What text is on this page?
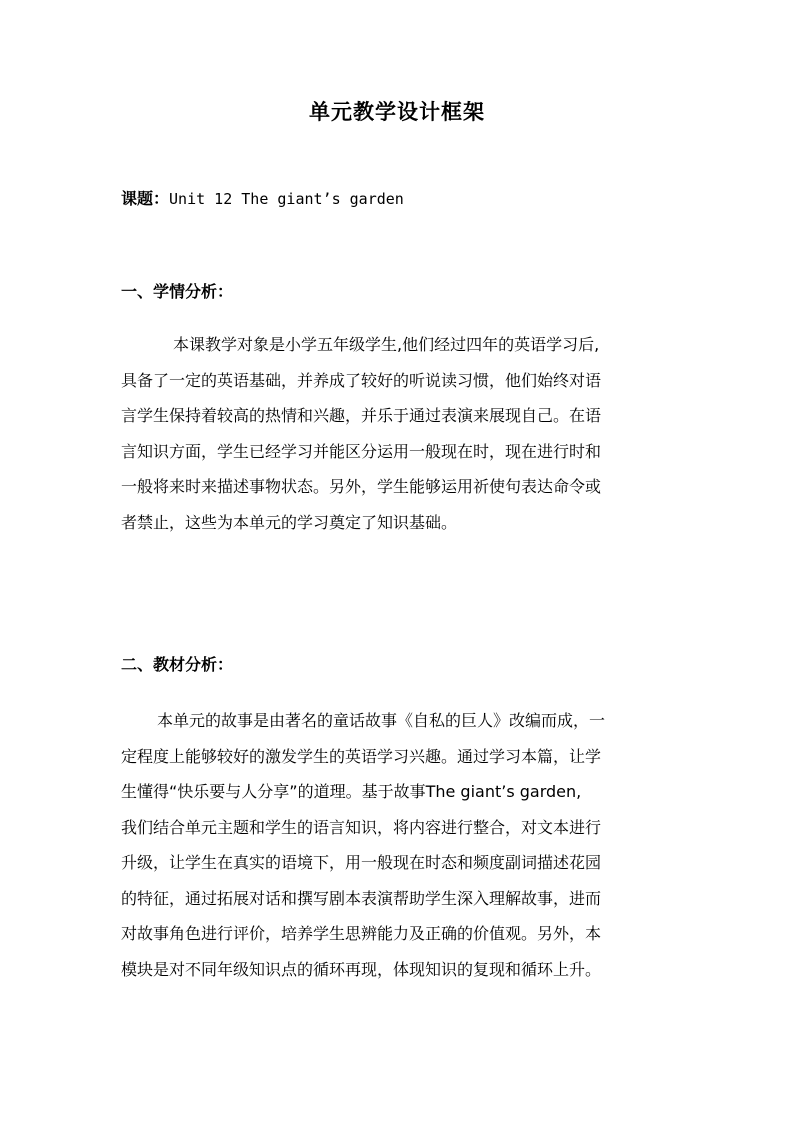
单元教学设计框架
课题：Unit 12 The giant’s garden
一、学情分析：
本课教学对象是小学五年级学生,他们经过四年的英语学习后,
具备了一定的英语基础，并养成了较好的听说读习惯，他们始终对语
言学生保持着较高的热情和兴趣，并乐于通过表演来展现自己。在语
言知识方面，学生已经学习并能区分运用一般现在时，现在进行时和
一般将来时来描述事物状态。另外，学生能够运用祈使句表达命令或
者禁止，这些为本单元的学习奠定了知识基础。
二、教材分析：
本单元的故事是由著名的童话故事《自私的巨人》改编而成，一
定程度上能够较好的激发学生的英语学习兴趣。通过学习本篇，让学
生懂得“快乐要与人分享”的道理。基于故事The giant’s garden,
我们结合单元主题和学生的语言知识，将内容进行整合，对文本进行
升级，让学生在真实的语境下，用一般现在时态和频度副词描述花园
的特征，通过拓展对话和撰写剧本表演帮助学生深入理解故事，进而
对故事角色进行评价，培养学生思辨能力及正确的价值观。另外，本
模块是对不同年级知识点的循环再现，体现知识的复现和循环上升。
